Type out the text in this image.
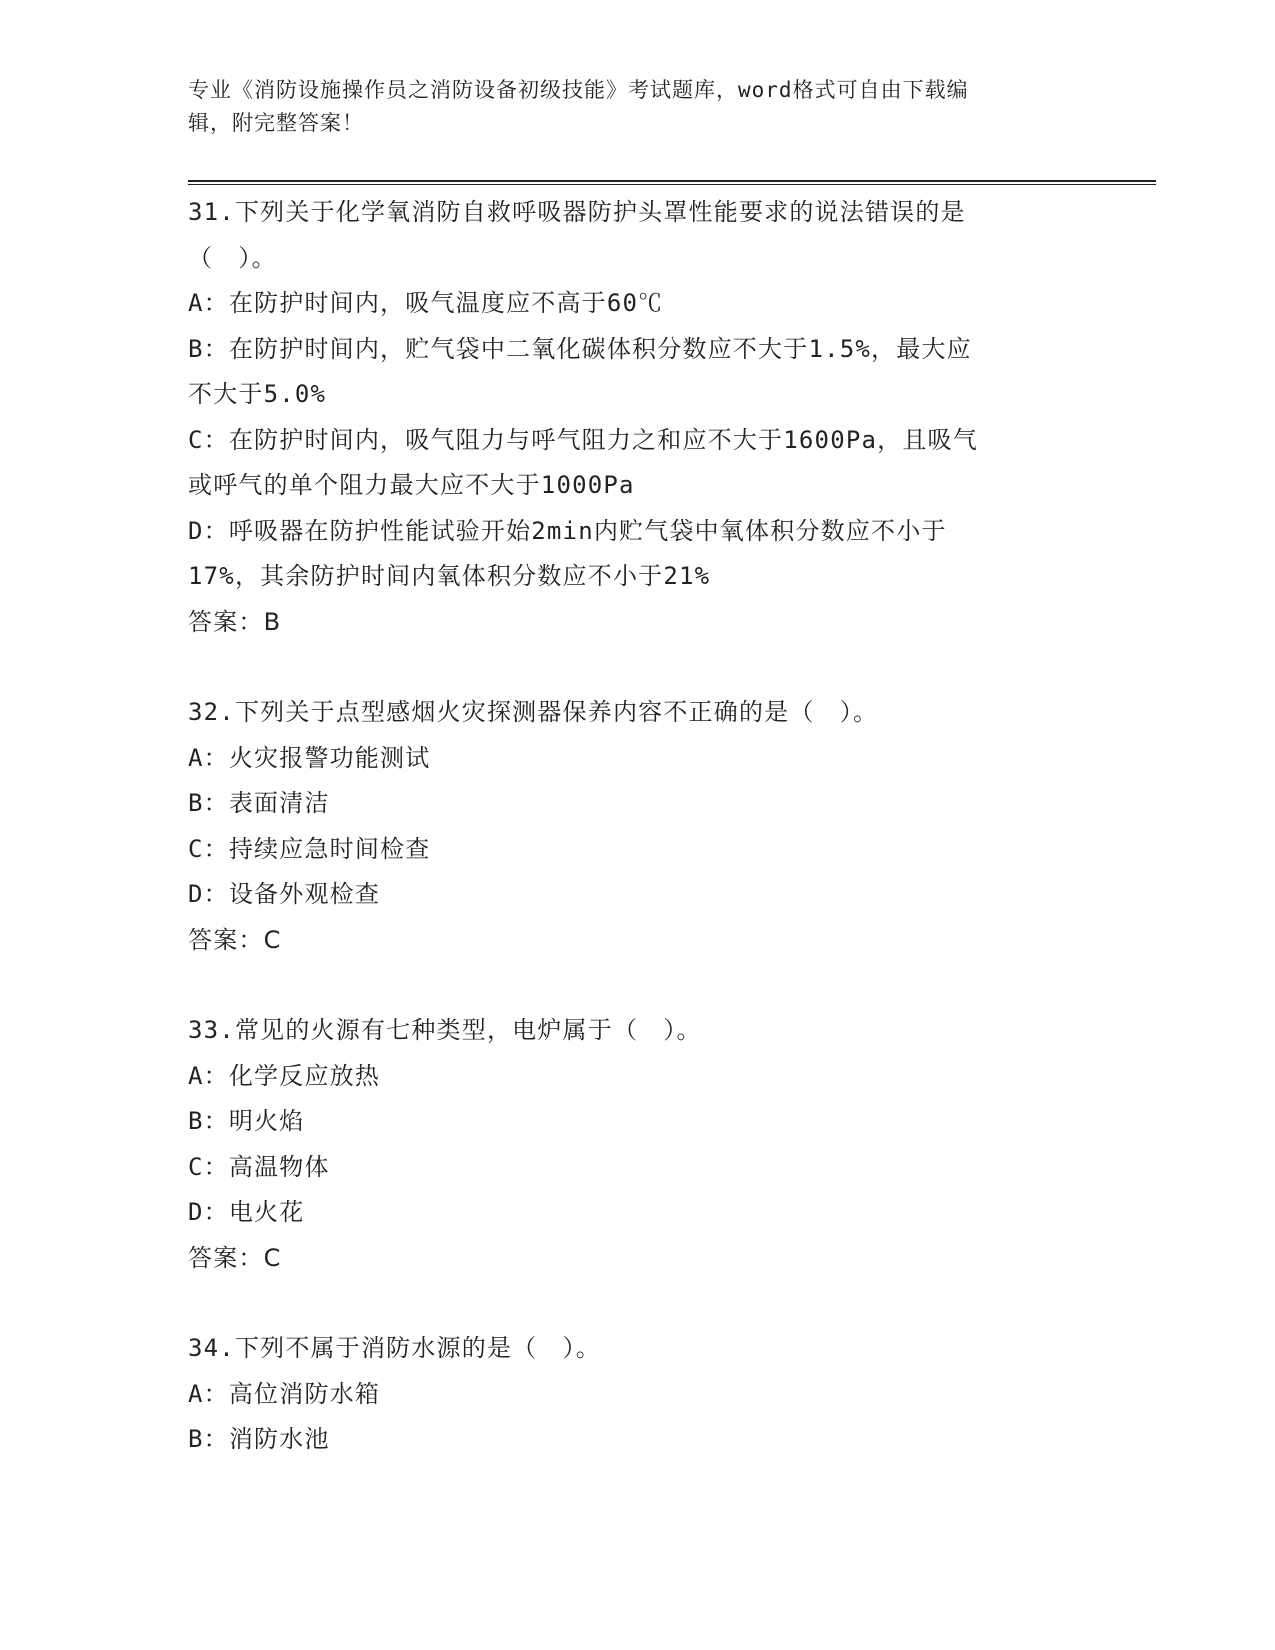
专业《消防设施操作员之消防设备初级技能》考试题库，word格式可自由下载编
辑，附完整答案！
31.下列关于化学氧消防自救呼吸器防护头罩性能要求的说法错误的是
（　）。
A：在防护时间内，吸气温度应不高于60℃
B：在防护时间内，贮气袋中二氧化碳体积分数应不大于1.5%，最大应
不大于5.0%
C：在防护时间内，吸气阻力与呼气阻力之和应不大于1600Pa，且吸气
或呼气的单个阻力最大应不大于1000Pa
D：呼吸器在防护性能试验开始2min内贮气袋中氧体积分数应不小于
17%，其余防护时间内氧体积分数应不小于21%
答案：B
32.下列关于点型感烟火灾探测器保养内容不正确的是（　）。
A：火灾报警功能测试
B：表面清洁
C：持续应急时间检查
D：设备外观检查
答案：C
33.常见的火源有七种类型，电炉属于（　）。
A：化学反应放热
B：明火焰
C：高温物体
D：电火花
答案：C
34.下列不属于消防水源的是（　）。
A：高位消防水箱
B：消防水池
